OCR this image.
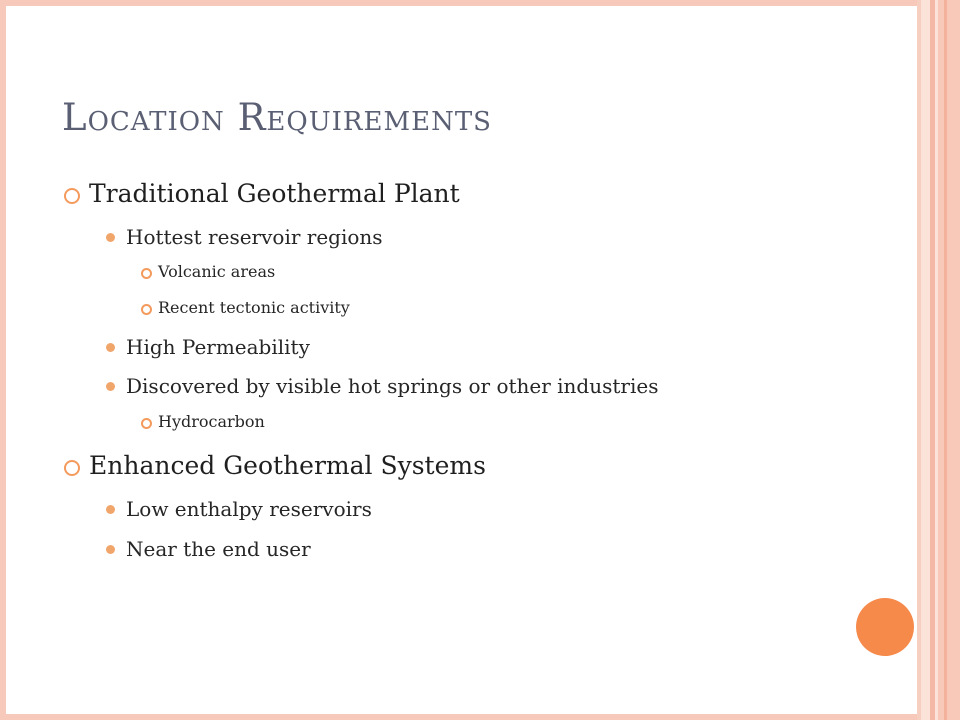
Location Requirements
Traditional Geothermal Plant
Hottest reservoir regions
Volcanic areas
Recent tectonic activity
High Permeability
Discovered by visible hot springs or other industries
Hydrocarbon
Enhanced Geothermal Systems
Low enthalpy reservoirs
Near the end user
